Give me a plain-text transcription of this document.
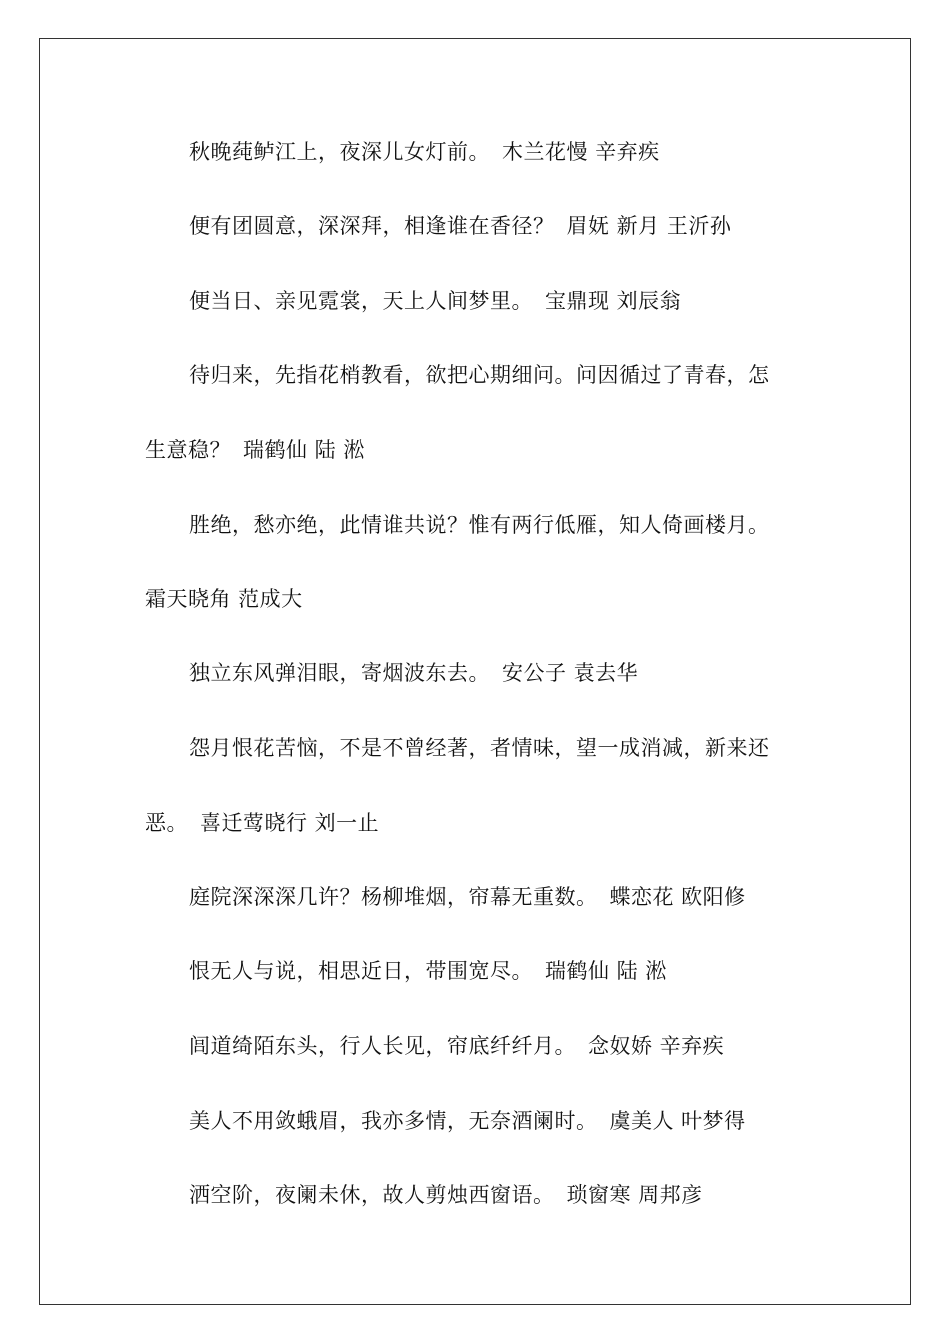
秋晚莼鲈江上，夜深儿女灯前。 木兰花慢 辛弃疾
便有团圆意，深深拜，相逢谁在香径？ 眉妩 新月 王沂孙
便当日、亲见霓裳，天上人间梦里。 宝鼎现 刘辰翁
待归来，先指花梢教看，欲把心期细问。问因循过了青春，怎
生意稳？ 瑞鹤仙 陆 淞
胜绝，愁亦绝，此情谁共说？惟有两行低雁，知人倚画楼月。
霜天晓角 范成大
独立东风弹泪眼，寄烟波东去。 安公子 袁去华
怨月恨花苦恼，不是不曾经著，者情味，望一成消减，新来还
恶。 喜迁莺晓行 刘一止
庭院深深深几许？杨柳堆烟，帘幕无重数。 蝶恋花 欧阳修
恨无人与说，相思近日，带围宽尽。 瑞鹤仙 陆 淞
闾道绮陌东头，行人长见，帘底纤纤月。 念奴娇 辛弃疾
美人不用敛蛾眉，我亦多情，无奈酒阑时。 虞美人 叶梦得
洒空阶，夜阑未休，故人剪烛西窗语。 琐窗寒 周邦彦
